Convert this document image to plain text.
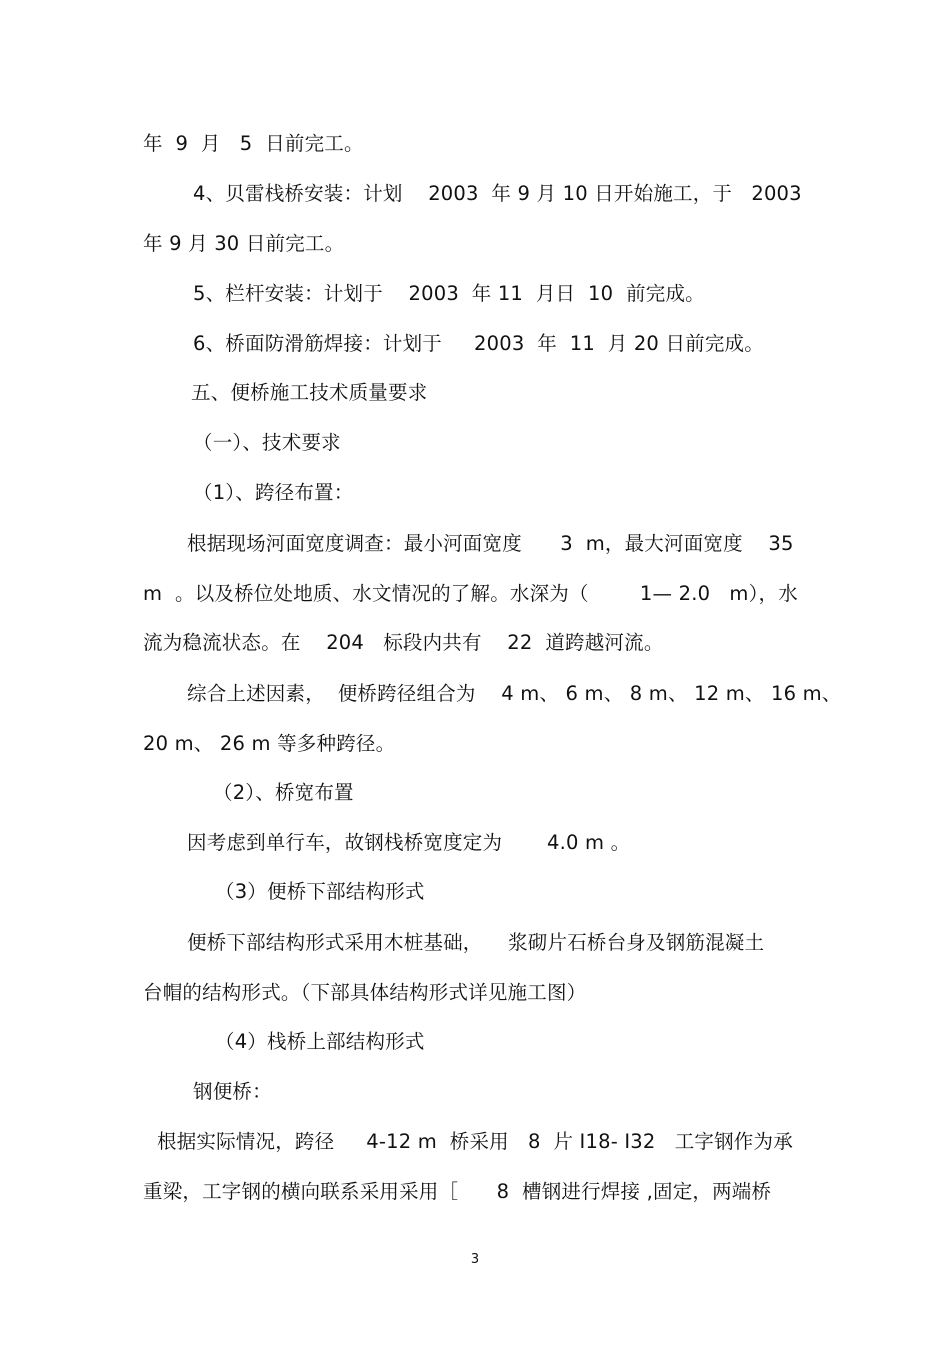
年  9  月   5  日前完工。
4、贝雷栈桥安装：计划    2003  年 9 月 10 日开始施工，于   2003
年 9 月 30 日前完工。
5、栏杆安装：计划于    2003  年 11  月日  10  前完成。
6、桥面防滑筋焊接：计划于     2003  年  11  月 20 日前完成。
五、便桥施工技术质量要求
（一）、技术要求
（1）、跨径布置：
根据现场河面宽度调查：最小河面宽度      3  m，最大河面宽度    35
m  。以及桥位处地质、水文情况的了解。水深为（        1— 2.0   m），水
流为稳流状态。在    204   标段内共有    22  道跨越河流。
综合上述因素，  便桥跨径组合为    4 m、 6 m、 8 m、 12 m、 16 m、
20 m、 26 m 等多种跨径。
（2）、桥宽布置
因考虑到单行车，故钢栈桥宽度定为       4.0 m 。
（3）便桥下部结构形式
便桥下部结构形式采用木桩基础，    浆砌片石桥台身及钢筋混凝土
台帽的结构形式。（下部具体结构形式详见施工图）
（4）栈桥上部结构形式
钢便桥：
根据实际情况，跨径     4-12 m  桥采用   8  片 I18- I32   工字钢作为承
重梁，工字钢的横向联系采用采用［      8  槽钢进行焊接 ,固定，两端桥
3
